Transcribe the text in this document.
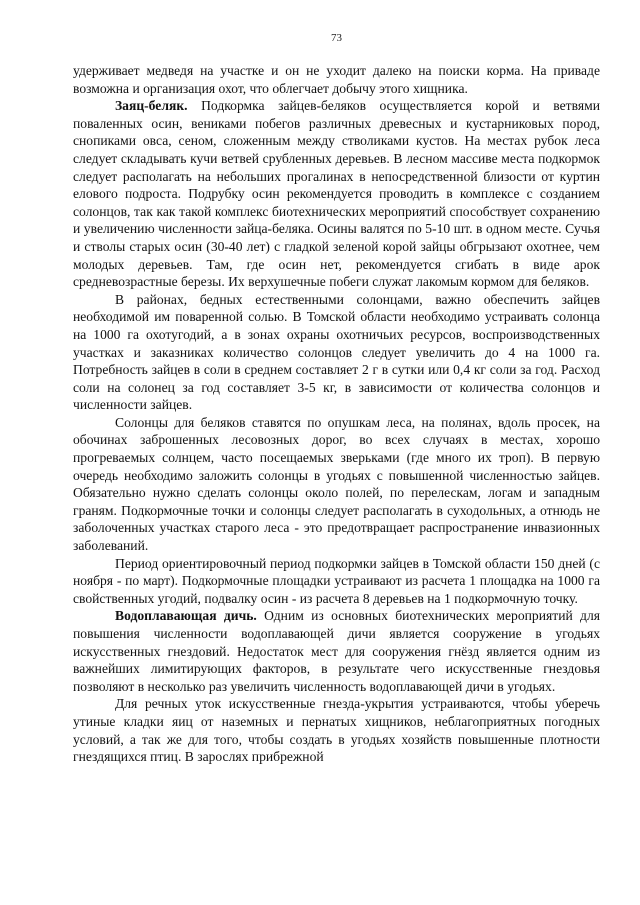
73

удерживает медведя на участке и он не уходит далеко на поиски корма. На приваде возможна и организация охот, что облегчает добычу этого хищника.

Заяц-беляк. Подкормка зайцев-беляков осуществляется корой и ветвями поваленных осин, вениками побегов различных древесных и кустарниковых пород, снопиками овса, сеном, сложенным между стволиками кустов. На местах рубок леса следует складывать кучи ветвей срубленных деревьев. В лесном массиве места подкормок следует располагать на небольших прогалинах в непосредственной близости от куртин елового подроста. Подрубку осин рекомендуется проводить в комплексе с созданием солонцов, так как такой комплекс биотехнических мероприятий способствует сохранению и увеличению численности зайца-беляка. Осины валятся по 5-10 шт. в одном месте. Сучья и стволы старых осин (30-40 лет) с гладкой зеленой корой зайцы обгрызают охотнее, чем молодых деревьев. Там, где осин нет, рекомендуется сгибать в виде арок средневозрастные березы. Их верхушечные побеги служат лакомым кормом для беляков.

В районах, бедных естественными солонцами, важно обеспечить зайцев необходимой им поваренной солью. В Томской области необходимо устраивать солонца на 1000 га охотугодий, а в зонах охраны охотничьих ресурсов, воспроизводственных участках и заказниках количество солонцов следует увеличить до 4 на 1000 га. Потребность зайцев в соли в среднем составляет 2 г в сутки или 0,4 кг соли за год. Расход соли на солонец за год составляет 3-5 кг, в зависимости от количества солонцов и численности зайцев.

Солонцы для беляков ставятся по опушкам леса, на полянах, вдоль просек, на обочинах заброшенных лесовозных дорог, во всех случаях в местах, хорошо прогреваемых солнцем, часто посещаемых зверьками (где много их троп). В первую очередь необходимо заложить солонцы в угодьях с повышенной численностью зайцев. Обязательно нужно сделать солонцы около полей, по перелескам, логам и западным граням. Подкормочные точки и солонцы следует располагать в суходольных, а отнюдь не заболоченных участках старого леса - это предотвращает распространение инвазионных заболеваний.

Период ориентировочный период подкормки зайцев в Томской области 150 дней (с ноября - по март). Подкормочные площадки устраивают из расчета 1 площадка на 1000 га свойственных угодий, подвалку осин - из расчета 8 деревьев на 1 подкормочную точку.

Водоплавающая дичь. Одним из основных биотехнических мероприятий для повышения численности водоплавающей дичи является сооружение в угодьях искусственных гнездовий. Недостаток мест для сооружения гнёзд является одним из важнейших лимитирующих факторов, в результате чего искусственные гнездовья позволяют в несколько раз увеличить численность водоплавающей дичи в угодьях.

Для речных уток искусственные гнезда-укрытия устраиваются, чтобы уберечь утиные кладки яиц от наземных и пернатых хищников, неблагоприятных погодных условий, а так же для того, чтобы создать в угодьях хозяйств повышенные плотности гнездящихся птиц. В зарослях прибрежной
